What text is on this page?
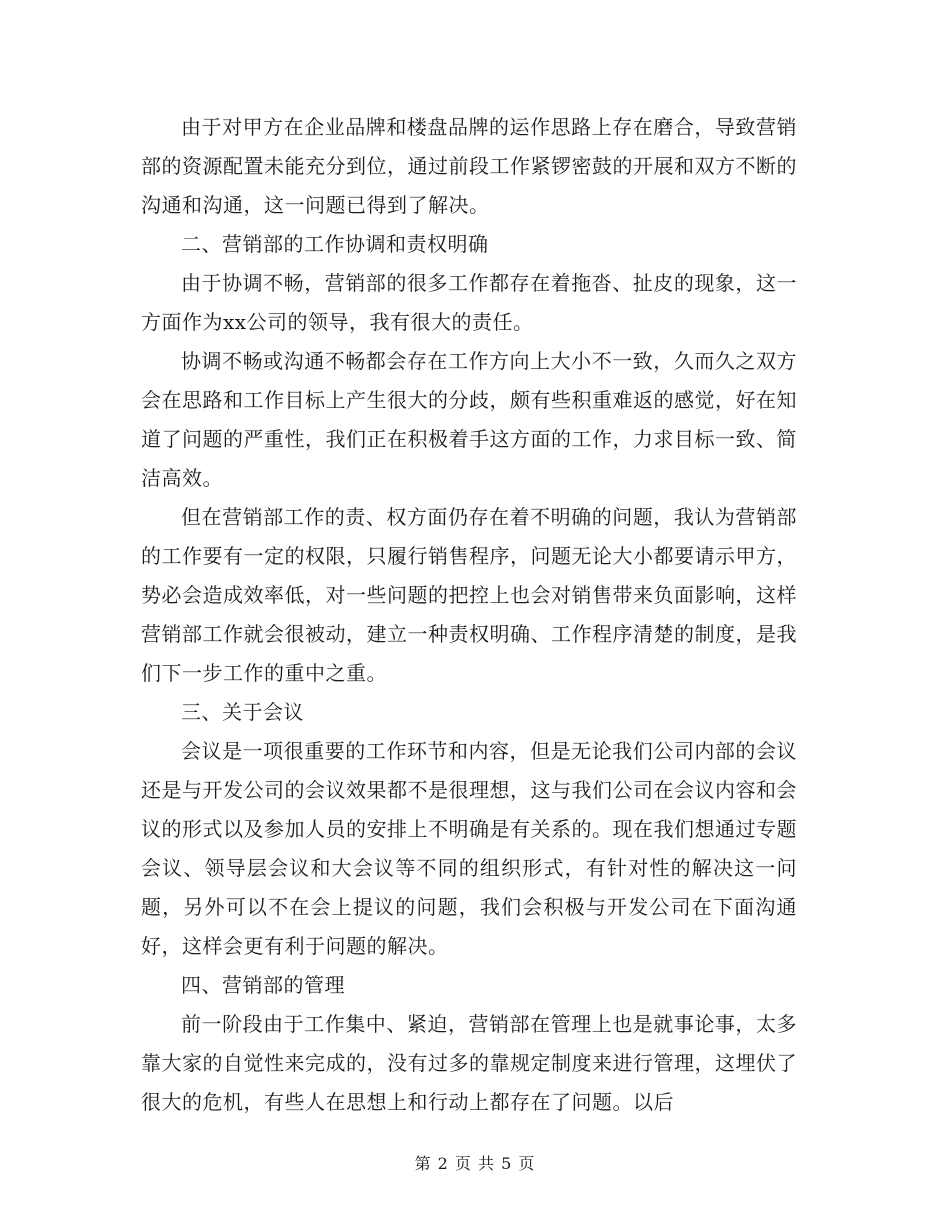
由于对甲方在企业品牌和楼盘品牌的运作思路上存在磨合，导致营销部的资源配置未能充分到位，通过前段工作紧锣密鼓的开展和双方不断的沟通和沟通，这一问题已得到了解决。

二、营销部的工作协调和责权明确

由于协调不畅，营销部的很多工作都存在着拖沓、扯皮的现象，这一方面作为xx公司的领导，我有很大的责任。

协调不畅或沟通不畅都会存在工作方向上大小不一致，久而久之双方会在思路和工作目标上产生很大的分歧，颇有些积重难返的感觉，好在知道了问题的严重性，我们正在积极着手这方面的工作，力求目标一致、简洁高效。

但在营销部工作的责、权方面仍存在着不明确的问题，我认为营销部的工作要有一定的权限，只履行销售程序，问题无论大小都要请示甲方，势必会造成效率低，对一些问题的把控上也会对销售带来负面影响，这样营销部工作就会很被动，建立一种责权明确、工作程序清楚的制度，是我们下一步工作的重中之重。

三、关于会议

会议是一项很重要的工作环节和内容，但是无论我们公司内部的会议还是与开发公司的会议效果都不是很理想，这与我们公司在会议内容和会议的形式以及参加人员的安排上不明确是有关系的。现在我们想通过专题会议、领导层会议和大会议等不同的组织形式，有针对性的解决这一问题，另外可以不在会上提议的问题，我们会积极与开发公司在下面沟通好，这样会更有利于问题的解决。

四、营销部的管理

前一阶段由于工作集中、紧迫，营销部在管理上也是就事论事，太多靠大家的自觉性来完成的，没有过多的靠规定制度来进行管理，这埋伏了很大的危机，有些人在思想上和行动上都存在了问题。以后

第 2 页 共 5 页
